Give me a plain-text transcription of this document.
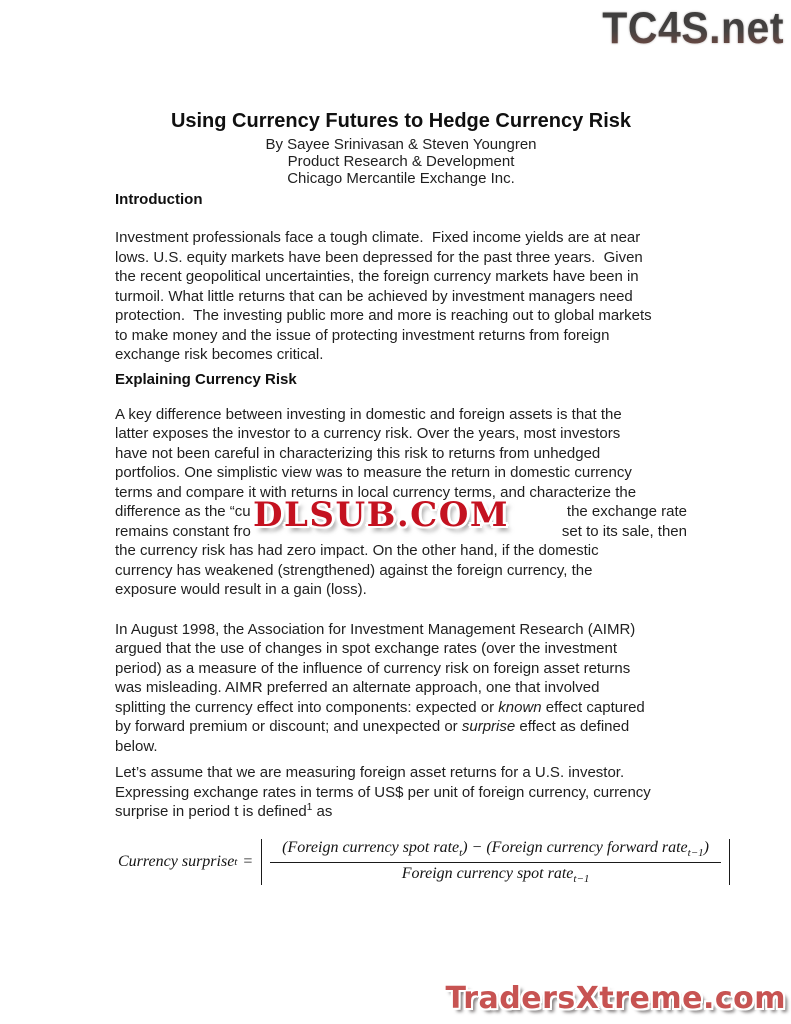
TC4S.net
Using Currency Futures to Hedge Currency Risk
By Sayee Srinivasan & Steven Youngren
Product Research & Development
Chicago Mercantile Exchange Inc.
Introduction
Investment professionals face a tough climate.  Fixed income yields are at near
lows. U.S. equity markets have been depressed for the past three years.  Given
the recent geopolitical uncertainties, the foreign currency markets have been in
turmoil. What little returns that can be achieved by investment managers need
protection.  The investing public more and more is reaching out to global markets
to make money and the issue of protecting investment returns from foreign
exchange risk becomes critical.
Explaining Currency Risk
A key difference between investing in domestic and foreign assets is that the
latter exposes the investor to a currency risk. Over the years, most investors
have not been careful in characterizing this risk to returns from unhedged
portfolios. One simplistic view was to measure the return in domestic currency
terms and compare it with returns in local currency terms, and characterize the
difference as the “cu	the exchange rate
remains constant fro	set to its sale, then
the currency risk has had zero impact. On the other hand, if the domestic
currency has weakened (strengthened) against the foreign currency, the
exposure would result in a gain (loss).
In August 1998, the Association for Investment Management Research (AIMR)
argued that the use of changes in spot exchange rates (over the investment
period) as a measure of the influence of currency risk on foreign asset returns
was misleading. AIMR preferred an alternate approach, one that involved
splitting the currency effect into components: expected or known effect captured
by forward premium or discount; and unexpected or surprise effect as defined
below.
Let’s assume that we are measuring foreign asset returns for a U.S. investor.
Expressing exchange rates in terms of US$ per unit of foreign currency, currency
surprise in period t is defined$^1$ as
Currency surprise t =
(Foreign currency spot rate$_t$) − (Foreign currency forward rate$_{t-1}$)
Foreign currency spot rate$_{t-1}$
DLSUB.COM
TradersXtreme.com
